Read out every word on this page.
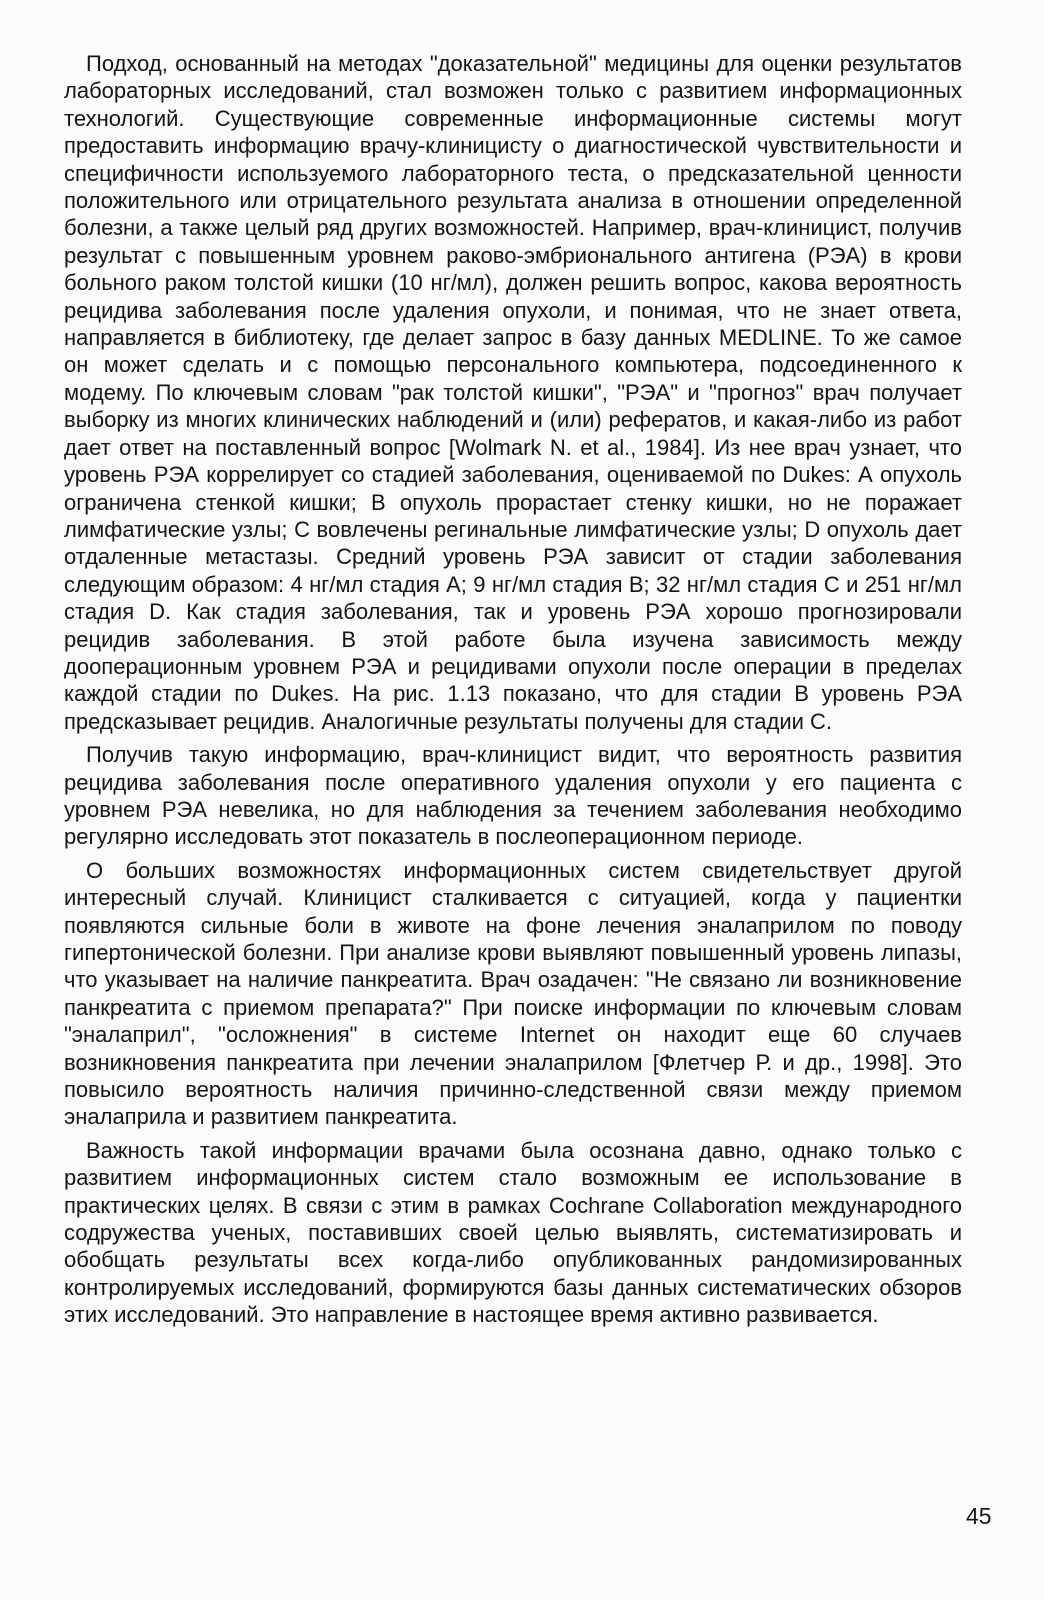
Подход, основанный на методах "доказательной" медицины для оценки результатов лабораторных исследований, стал возможен только с развитием информационных технологий. Существующие современные информационные системы могут предоставить информацию врачу-клиницисту о диагностической чувствительности и специфичности используемого лабораторного теста, о предсказательной ценности положительного или отрицательного результата анализа в отношении определенной болезни, а также целый ряд других возможностей. Например, врач-клиницист, получив результат с повышенным уровнем раково-эмбрионального антигена (РЭА) в крови больного раком толстой кишки (10 нг/мл), должен решить вопрос, какова вероятность рецидива заболевания после удаления опухоли, и понимая, что не знает ответа, направляется в библиотеку, где делает запрос в базу данных MEDLINE. То же самое он может сделать и с помощью персонального компьютера, подсоединенного к модему. По ключевым словам "рак толстой кишки", "РЭА" и "прогноз" врач получает выборку из многих клинических наблюдений и (или) рефератов, и какая-либо из работ дает ответ на поставленный вопрос [Wolmark N. et al., 1984]. Из нее врач узнает, что уровень РЭА коррелирует со стадией заболевания, оцениваемой по Dukes: А опухоль ограничена стенкой кишки; В опухоль прорастает стенку кишки, но не поражает лимфатические узлы; С вовлечены регинальные лимфатические узлы; D опухоль дает отдаленные метастазы. Средний уровень РЭА зависит от стадии заболевания следующим образом: 4 нг/мл стадия А; 9 нг/мл стадия В; 32 нг/мл стадия С и 251 нг/мл стадия D. Как стадия заболевания, так и уровень РЭА хорошо прогнозировали рецидив заболевания. В этой работе была изучена зависимость между дооперационным уровнем РЭА и рецидивами опухоли после операции в пределах каждой стадии по Dukes. На рис. 1.13 показано, что для стадии В уровень РЭА предсказывает рецидив. Аналогичные результаты получены для стадии С.

Получив такую информацию, врач-клиницист видит, что вероятность развития рецидива заболевания после оперативного удаления опухоли у его пациента с уровнем РЭА невелика, но для наблюдения за течением заболевания необходимо регулярно исследовать этот показатель в послеоперационном периоде.

О больших возможностях информационных систем свидетельствует другой интересный случай. Клиницист сталкивается с ситуацией, когда у пациентки появляются сильные боли в животе на фоне лечения эналаприлом по поводу гипертонической болезни. При анализе крови выявляют повышенный уровень липазы, что указывает на наличие панкреатита. Врач озадачен: "Не связано ли возникновение панкреатита с приемом препарата?" При поиске информации по ключевым словам "эналаприл", "осложнения" в системе Internet он находит еще 60 случаев возникновения панкреатита при лечении эналаприлом [Флетчер Р. и др., 1998]. Это повысило вероятность наличия причинно-следственной связи между приемом эналаприла и развитием панкреатита.

Важность такой информации врачами была осознана давно, однако только с развитием информационных систем стало возможным ее использование в практических целях. В связи с этим в рамках Cochrane Collaboration международного содружества ученых, поставивших своей целью выявлять, систематизировать и обобщать результаты всех когда-либо опубликованных рандомизированных контролируемых исследований, формируются базы данных систематических обзоров этих исследований. Это направление в настоящее время активно развивается.

45
